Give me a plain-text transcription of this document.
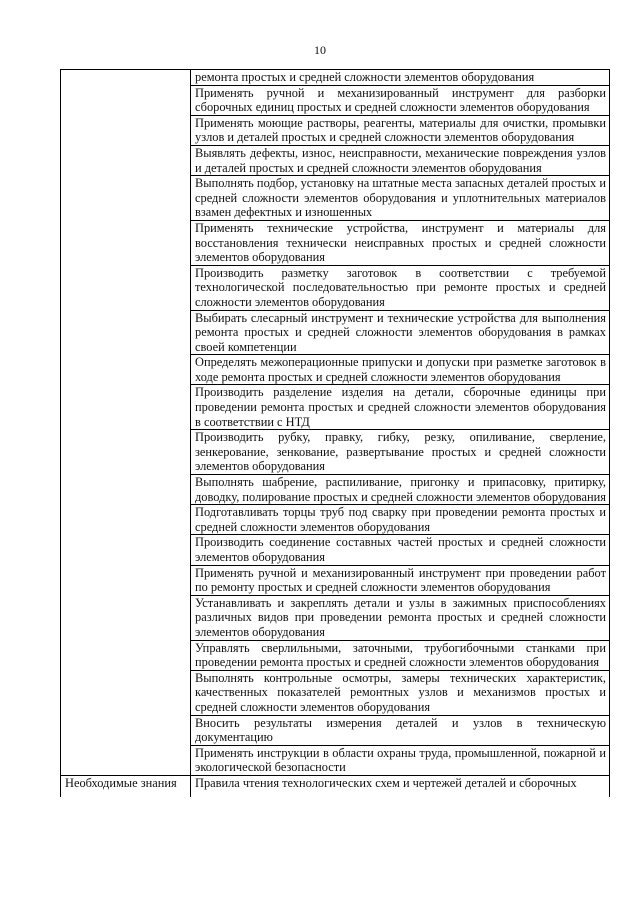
10
	ремонта простых и средней сложности элементов оборудования
	Применять ручной и механизированный инструмент для разборки сборочных единиц простых и средней сложности элементов оборудования
	Применять моющие растворы, реагенты, материалы для очистки, промывки узлов и деталей простых и средней сложности элементов оборудования
	Выявлять дефекты, износ, неисправности, механические повреждения узлов и деталей простых и средней сложности элементов оборудования
	Выполнять подбор, установку на штатные места запасных деталей простых и средней сложности элементов оборудования и уплотнительных материалов взамен дефектных и изношенных
	Применять технические устройства, инструмент и материалы для восстановления технически неисправных простых и средней сложности элементов оборудования
	Производить разметку заготовок в соответствии с требуемой технологической последовательностью при ремонте простых и средней сложности элементов оборудования
	Выбирать слесарный инструмент и технические устройства для выполнения ремонта простых и средней сложности элементов оборудования в рамках своей компетенции
	Определять межоперационные припуски и допуски при разметке заготовок в ходе ремонта простых и средней сложности элементов оборудования
	Производить разделение изделия на детали, сборочные единицы при проведении ремонта простых и средней сложности элементов оборудования в соответствии с НТД
	Производить рубку, правку, гибку, резку, опиливание, сверление, зенкерование, зенкование, развертывание простых и средней сложности элементов оборудования
	Выполнять шабрение, распиливание, пригонку и припасовку, притирку, доводку, полирование простых и средней сложности элементов оборудования
	Подготавливать торцы труб под сварку при проведении ремонта простых и средней сложности элементов оборудования
	Производить соединение составных частей простых и средней сложности элементов оборудования
	Применять ручной и механизированный инструмент при проведении работ по ремонту простых и средней сложности элементов оборудования
	Устанавливать и закреплять детали и узлы в зажимных приспособлениях различных видов при проведении ремонта простых и средней сложности элементов оборудования
	Управлять сверлильными, заточными, трубогибочными станками при проведении ремонта простых и средней сложности элементов оборудования
	Выполнять контрольные осмотры, замеры технических характеристик, качественных показателей ремонтных узлов и механизмов простых и средней сложности элементов оборудования
	Вносить результаты измерения деталей и узлов в техническую документацию
	Применять инструкции в области охраны труда, промышленной, пожарной и экологической безопасности
Необходимые знания	Правила чтения технологических схем и чертежей деталей и сборочных
